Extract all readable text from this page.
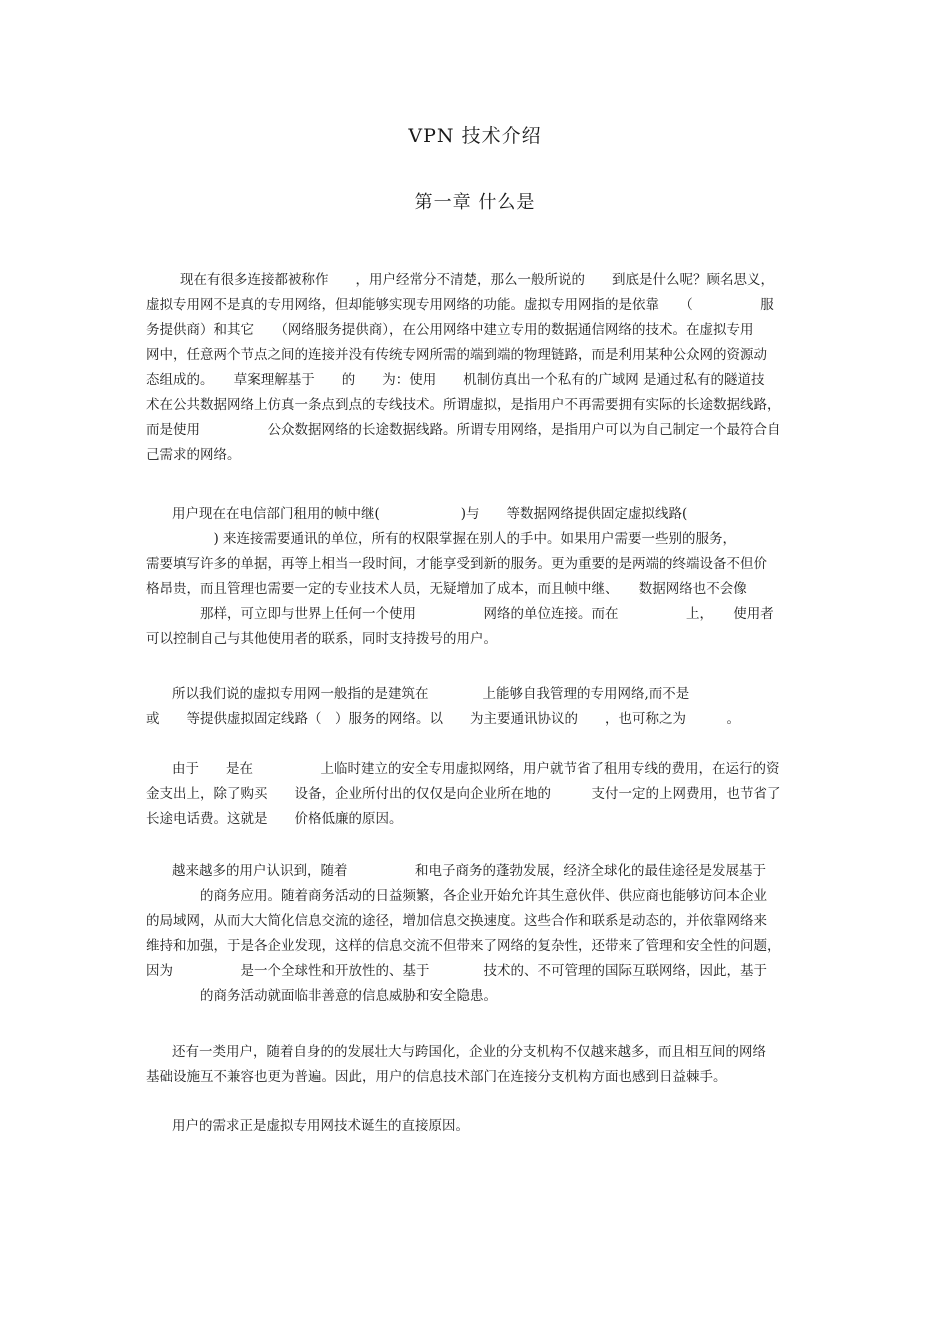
VPN 技术介绍
第一章 什么是
现在有很多连接都被称作　　，用户经常分不清楚，那么一般所说的　　到底是什么呢？顾名思义，
虚拟专用网不是真的专用网络，但却能够实现专用网络的功能。虚拟专用网指的是依靠　　（　　　　　服
务提供商）和其它　　（网络服务提供商），在公用网络中建立专用的数据通信网络的技术。在虚拟专用
网中，任意两个节点之间的连接并没有传统专网所需的端到端的物理链路，而是利用某种公众网的资源动
态组成的。　　草案理解基于　　的　　为：使用　　机制仿真出一个私有的广域网 是通过私有的隧道技
术在公共数据网络上仿真一条点到点的专线技术。所谓虚拟，是指用户不再需要拥有实际的长途数据线路，
而是使用　　　　　公众数据网络的长途数据线路。所谓专用网络，是指用户可以为自己制定一个最符合自
己需求的网络。
用户现在在电信部门租用的帧中继(　　　　　　)与　　等数据网络提供固定虚拟线路(
　　　　　) 来连接需要通讯的单位，所有的权限掌握在别人的手中。如果用户需要一些别的服务，
需要填写许多的单据，再等上相当一段时间，才能享受到新的服务。更为重要的是两端的终端设备不但价
格昂贵，而且管理也需要一定的专业技术人员，无疑增加了成本，而且帧中继、　　数据网络也不会像
　　　　那样，可立即与世界上任何一个使用　　　　　网络的单位连接。而在　　　　　上，　　使用者
可以控制自己与其他使用者的联系，同时支持拨号的用户。
所以我们说的虚拟专用网一般指的是建筑在　　　　上能够自我管理的专用网络,而不是
或　　等提供虚拟固定线路（　）服务的网络。以　　为主要通讯协议的　　，也可称之为　　　。
由于　　是在　　　　　上临时建立的安全专用虚拟网络，用户就节省了租用专线的费用，在运行的资
金支出上，除了购买　　设备，企业所付出的仅仅是向企业所在地的　　　支付一定的上网费用，也节省了
长途电话费。这就是　　价格低廉的原因。
越来越多的用户认识到，随着　　　　　和电子商务的蓬勃发展，经济全球化的最佳途径是发展基于
　　　　的商务应用。随着商务活动的日益频繁，各企业开始允许其生意伙伴、供应商也能够访问本企业
的局域网，从而大大简化信息交流的途径，增加信息交换速度。这些合作和联系是动态的，并依靠网络来
维持和加强，于是各企业发现，这样的信息交流不但带来了网络的复杂性，还带来了管理和安全性的问题，
因为　　　　　是一个全球性和开放性的、基于　　　　技术的、不可管理的国际互联网络，因此，基于
　　　　的商务活动就面临非善意的信息威胁和安全隐患。
还有一类用户，随着自身的的发展壮大与跨国化，企业的分支机构不仅越来越多，而且相互间的网络
基础设施互不兼容也更为普遍。因此，用户的信息技术部门在连接分支机构方面也感到日益棘手。
用户的需求正是虚拟专用网技术诞生的直接原因。
